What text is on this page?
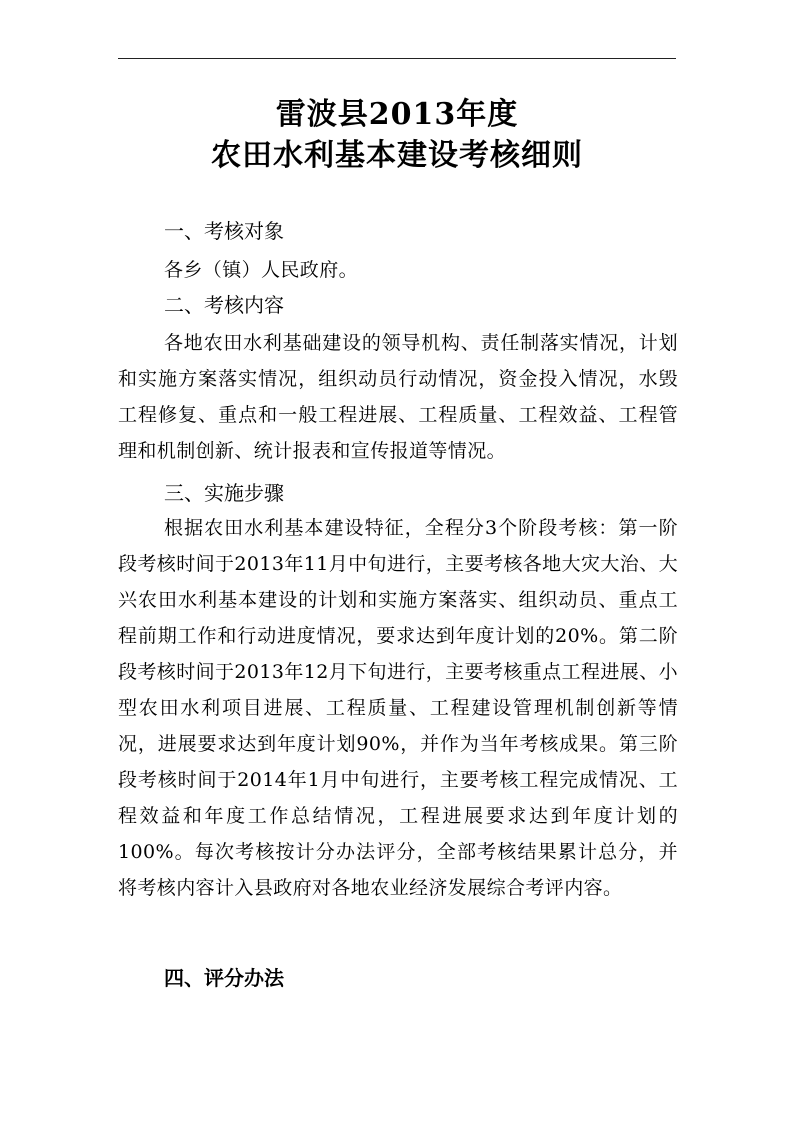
雷波县2013年度
农田水利基本建设考核细则
一、考核对象
各乡（镇）人民政府。
二、考核内容
各地农田水利基础建设的领导机构、责任制落实情况，计划和实施方案落实情况，组织动员行动情况，资金投入情况，水毁工程修复、重点和一般工程进展、工程质量、工程效益、工程管理和机制创新、统计报表和宣传报道等情况。
三、实施步骤
根据农田水利基本建设特征，全程分3个阶段考核：第一阶段考核时间于2013年11月中旬进行，主要考核各地大灾大治、大兴农田水利基本建设的计划和实施方案落实、组织动员、重点工程前期工作和行动进度情况，要求达到年度计划的20%。第二阶段考核时间于2013年12月下旬进行，主要考核重点工程进展、小型农田水利项目进展、工程质量、工程建设管理机制创新等情况，进展要求达到年度计划90%，并作为当年考核成果。第三阶段考核时间于2014年1月中旬进行，主要考核工程完成情况、工程效益和年度工作总结情况，工程进展要求达到年度计划的100%。每次考核按计分办法评分，全部考核结果累计总分，并将考核内容计入县政府对各地农业经济发展综合考评内容。
四、评分办法
